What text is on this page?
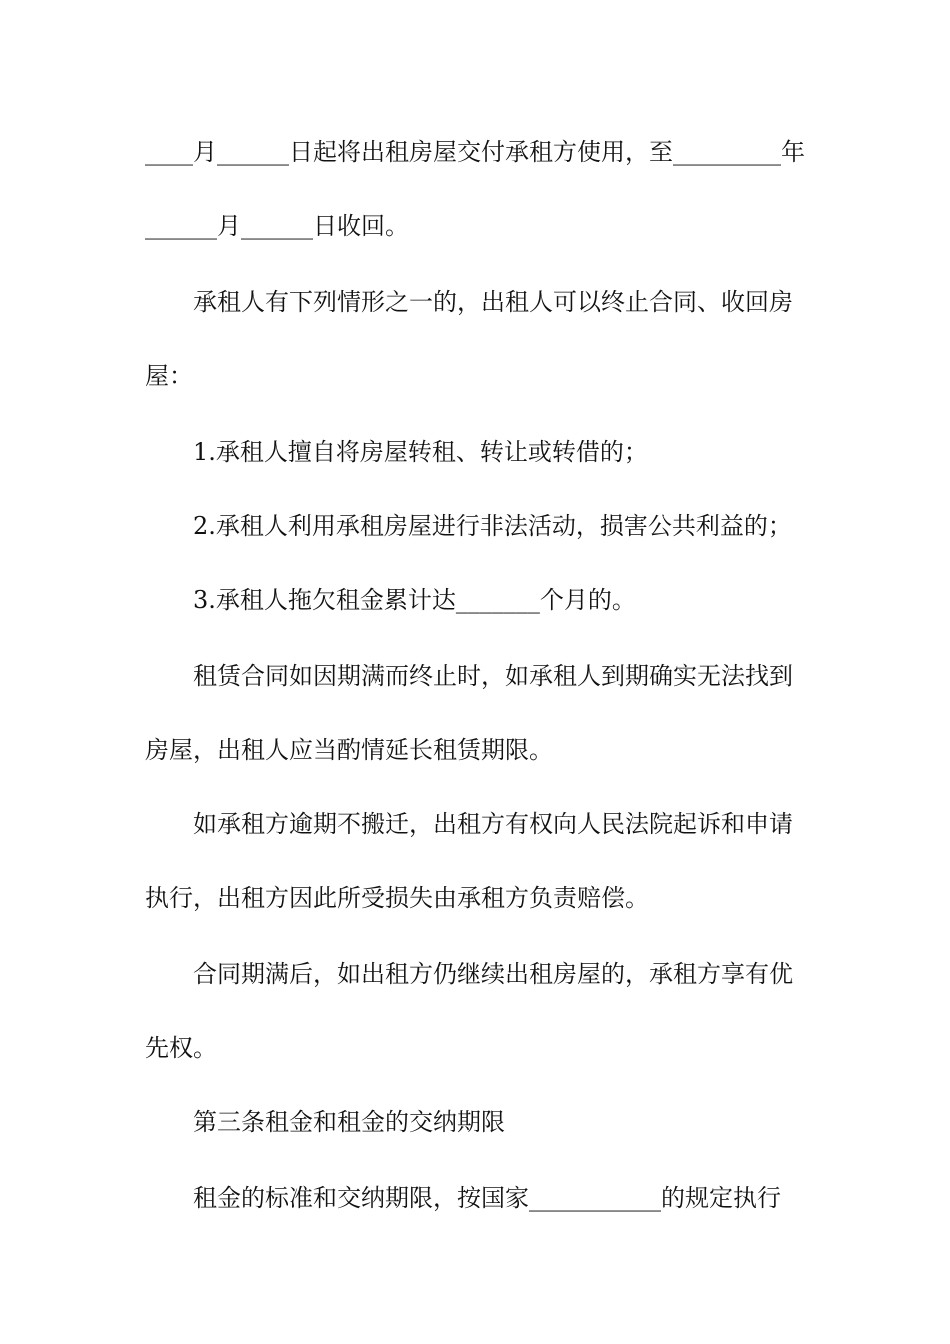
____月______日起将出租房屋交付承租方使用，至_________年
______月______日收回。
承租人有下列情形之一的，出租人可以终止合同、收回房
屋：
1.承租人擅自将房屋转租、转让或转借的；
2.承租人利用承租房屋进行非法活动，损害公共利益的；
3.承租人拖欠租金累计达_______个月的。
租赁合同如因期满而终止时，如承租人到期确实无法找到
房屋，出租人应当酌情延长租赁期限。
如承租方逾期不搬迁，出租方有权向人民法院起诉和申请
执行，出租方因此所受损失由承租方负责赔偿。
合同期满后，如出租方仍继续出租房屋的，承租方享有优
先权。
第三条租金和租金的交纳期限
租金的标准和交纳期限，按国家___________的规定执行
